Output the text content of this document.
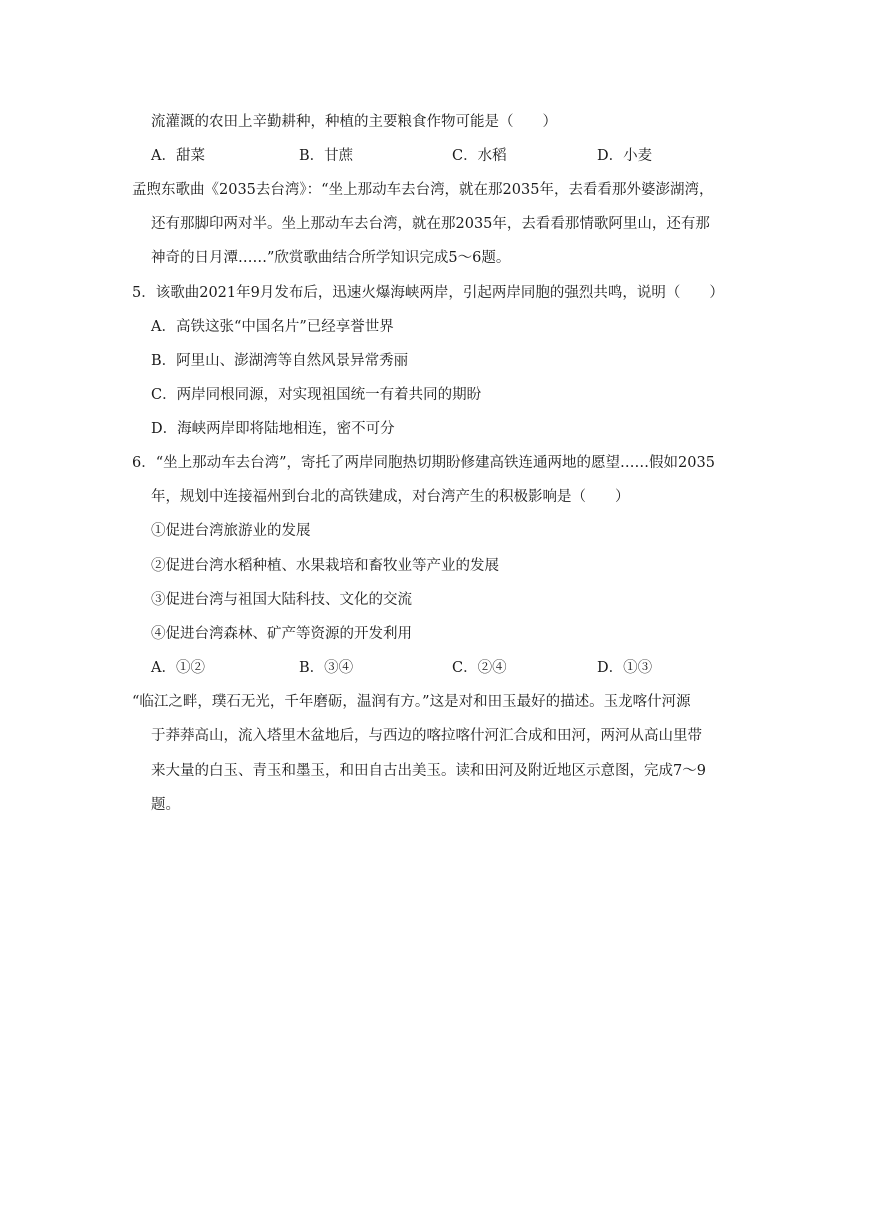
流灌溉的农田上辛勤耕种，种植的主要粮食作物可能是（　　）
A．甜菜	B．甘蔗	C．水稻	D．小麦
孟煦东歌曲《2035去台湾》：“坐上那动车去台湾，就在那2035年，去看看那外婆澎湖湾，
还有那脚印两对半。坐上那动车去台湾，就在那2035年，去看看那情歌阿里山，还有那
神奇的日月潭……”欣赏歌曲结合所学知识完成5～6题。
5．该歌曲2021年9月发布后，迅速火爆海峡两岸，引起两岸同胞的强烈共鸣，说明（　　）
A．高铁这张“中国名片”已经享誉世界
B．阿里山、澎湖湾等自然风景异常秀丽
C．两岸同根同源，对实现祖国统一有着共同的期盼
D．海峡两岸即将陆地相连，密不可分
6．“坐上那动车去台湾”，寄托了两岸同胞热切期盼修建高铁连通两地的愿望……假如2035
年，规划中连接福州到台北的高铁建成，对台湾产生的积极影响是（　　）
①促进台湾旅游业的发展
②促进台湾水稻种植、水果栽培和畜牧业等产业的发展
③促进台湾与祖国大陆科技、文化的交流
④促进台湾森林、矿产等资源的开发利用
A．①②	B．③④	C．②④	D．①③
“临江之畔，璞石无光，千年磨砺，温润有方。”这是对和田玉最好的描述。玉龙喀什河源
于莽莽高山，流入塔里木盆地后，与西边的喀拉喀什河汇合成和田河，两河从高山里带
来大量的白玉、青玉和墨玉，和田自古出美玉。读和田河及附近地区示意图，完成7～9
题。
